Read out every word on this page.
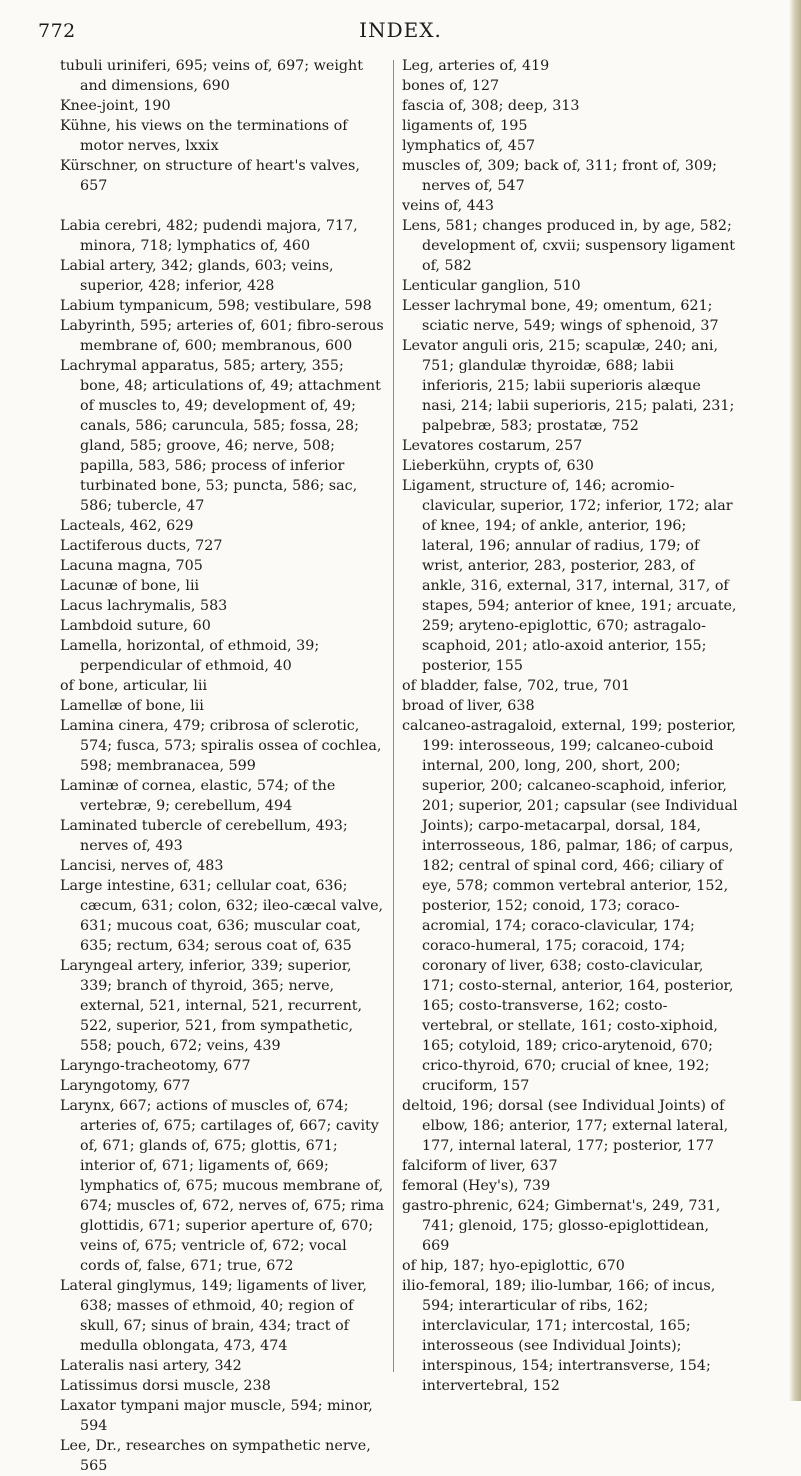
772	INDEX.

tubuli uriniferi, 695; veins of, 697; weight and dimensions, 690

Knee-joint, 190

Kühne, his views on the terminations of motor nerves, lxxix

Kürschner, on structure of heart's valves, 657

Labia cerebri, 482; pudendi majora, 717, minora, 718; lymphatics of, 460

Labial artery, 342; glands, 603; veins, superior, 428; inferior, 428

Labium tympanicum, 598; vestibulare, 598

Labyrinth, 595; arteries of, 601; fibro-serous membrane of, 600; membranous, 600

Lachrymal apparatus, 585; artery, 355; bone, 48; articulations of, 49; attachment of muscles to, 49; development of, 49; canals, 586; caruncula, 585; fossa, 28; gland, 585; groove, 46; nerve, 508; papilla, 583, 586; process of inferior turbinated bone, 53; puncta, 586; sac, 586; tubercle, 47

Lacteals, 462, 629

Lactiferous ducts, 727

Lacuna magna, 705

Lacunæ of bone, lii

Lacus lachrymalis, 583

Lambdoid suture, 60

Lamella, horizontal, of ethmoid, 39; perpendicular of ethmoid, 40

of bone, articular, lii

Lamellæ of bone, lii

Lamina cinera, 479; cribrosa of sclerotic, 574; fusca, 573; spiralis ossea of cochlea, 598; membranacea, 599

Laminæ of cornea, elastic, 574; of the vertebræ, 9; cerebellum, 494

Laminated tubercle of cerebellum, 493; nerves of, 493

Lancisi, nerves of, 483

Large intestine, 631; cellular coat, 636; cæcum, 631; colon, 632; ileo-cæcal valve, 631; mucous coat, 636; muscular coat, 635; rectum, 634; serous coat of, 635

Laryngeal artery, inferior, 339; superior, 339; branch of thyroid, 365; nerve, external, 521, internal, 521, recurrent, 522, superior, 521, from sympathetic, 558; pouch, 672; veins, 439

Laryngo-tracheotomy, 677

Laryngotomy, 677

Larynx, 667; actions of muscles of, 674; arteries of, 675; cartilages of, 667; cavity of, 671; glands of, 675; glottis, 671; interior of, 671; ligaments of, 669; lymphatics of, 675; mucous membrane of, 674; muscles of, 672, nerves of, 675; rima glottidis, 671; superior aperture of, 670; veins of, 675; ventricle of, 672; vocal cords of, false, 671; true, 672

Lateral ginglymus, 149; ligaments of liver, 638; masses of ethmoid, 40; region of skull, 67; sinus of brain, 434; tract of medulla oblongata, 473, 474

Lateralis nasi artery, 342

Latissimus dorsi muscle, 238

Laxator tympani major muscle, 594; minor, 594

Lee, Dr., researches on sympathetic nerve, 565

Leg, arteries of, 419

bones of, 127

fascia of, 308; deep, 313

ligaments of, 195

lymphatics of, 457

muscles of, 309; back of, 311; front of, 309; nerves of, 547

veins of, 443

Lens, 581; changes produced in, by age, 582; development of, cxvii; suspensory ligament of, 582

Lenticular ganglion, 510

Lesser lachrymal bone, 49; omentum, 621; sciatic nerve, 549; wings of sphenoid, 37

Levator anguli oris, 215; scapulæ, 240; ani, 751; glandulæ thyroidæ, 688; labii inferioris, 215; labii superioris alæque nasi, 214; labii superioris, 215; palati, 231; palpebræ, 583; prostatæ, 752

Levatores costarum, 257

Lieberkühn, crypts of, 630

Ligament, structure of, 146; acromio-clavicular, superior, 172; inferior, 172; alar of knee, 194; of ankle, anterior, 196; lateral, 196; annular of radius, 179; of wrist, anterior, 283, posterior, 283, of ankle, 316, external, 317, internal, 317, of stapes, 594; anterior of knee, 191; arcuate, 259; aryteno-epiglottic, 670; astragalo-scaphoid, 201; atlo-axoid anterior, 155; posterior, 155

of bladder, false, 702, true, 701

broad of liver, 638

calcaneo-astragaloid, external, 199; posterior, 199: interosseous, 199; calcaneo-cuboid internal, 200, long, 200, short, 200; superior, 200; calcaneo-scaphoid, inferior, 201; superior, 201; capsular (see Individual Joints); carpo-metacarpal, dorsal, 184, interrosseous, 186, palmar, 186; of carpus, 182; central of spinal cord, 466; ciliary of eye, 578; common vertebral anterior, 152, posterior, 152; conoid, 173; coraco-acromial, 174; coraco-clavicular, 174; coraco-humeral, 175; coracoid, 174; coronary of liver, 638; costo-clavicular, 171; costo-sternal, anterior, 164, posterior, 165; costo-transverse, 162; costo-vertebral, or stellate, 161; costo-xiphoid, 165; cotyloid, 189; crico-arytenoid, 670; crico-thyroid, 670; crucial of knee, 192; cruciform, 157

deltoid, 196; dorsal (see Individual Joints) of elbow, 186; anterior, 177; external lateral, 177, internal lateral, 177; posterior, 177

falciform of liver, 637

femoral (Hey's), 739

gastro-phrenic, 624; Gimbernat's, 249, 731, 741; glenoid, 175; glosso-epiglottidean, 669

of hip, 187; hyo-epiglottic, 670

ilio-femoral, 189; ilio-lumbar, 166; of incus, 594; interarticular of ribs, 162; interclavicular, 171; intercostal, 165; interosseous (see Individual Joints); interspinous, 154; intertransverse, 154; intervertebral, 152
